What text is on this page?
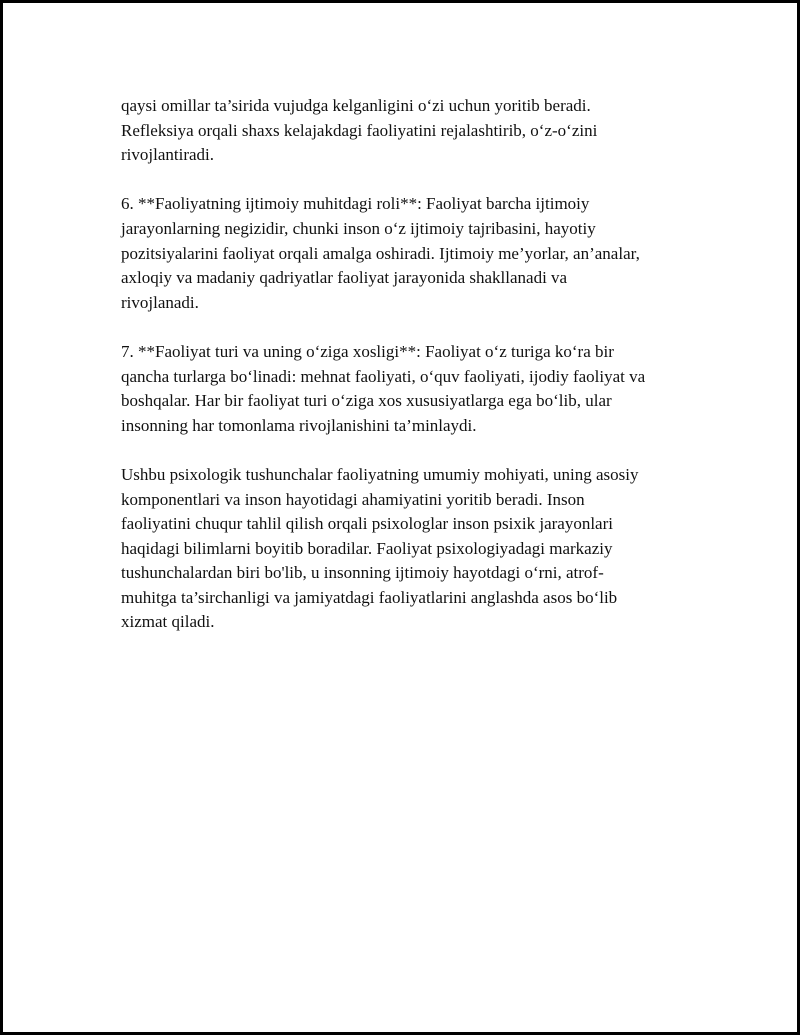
qaysi omillar ta’sirida vujudga kelganligini o‘zi uchun yoritib beradi.
Refleksiya orqali shaxs kelajakdagi faoliyatini rejalashtirib, o‘z-o‘zini
rivojlantiradi.

6. **Faoliyatning ijtimoiy muhitdagi roli**: Faoliyat barcha ijtimoiy
jarayonlarning negizidir, chunki inson o‘z ijtimoiy tajribasini, hayotiy
pozitsiyalarini faoliyat orqali amalga oshiradi. Ijtimoiy me’yorlar, an’analar,
axloqiy va madaniy qadriyatlar faoliyat jarayonida shakllanadi va
rivojlanadi.

7. **Faoliyat turi va uning o‘ziga xosligi**: Faoliyat o‘z turiga ko‘ra bir
qancha turlarga bo‘linadi: mehnat faoliyati, o‘quv faoliyati, ijodiy faoliyat va
boshqalar. Har bir faoliyat turi o‘ziga xos xususiyatlarga ega bo‘lib, ular
insonning har tomonlama rivojlanishini ta’minlaydi.

Ushbu psixologik tushunchalar faoliyatning umumiy mohiyati, uning asosiy
komponentlari va inson hayotidagi ahamiyatini yoritib beradi. Inson
faoliyatini chuqur tahlil qilish orqali psixologlar inson psixik jarayonlari
haqidagi bilimlarni boyitib boradilar. Faoliyat psixologiyadagi markaziy
tushunchalardan biri bo'lib, u insonning ijtimoiy hayotdagi o‘rni, atrof-
muhitga ta’sirchanligi va jamiyatdagi faoliyatlarini anglashda asos bo‘lib
xizmat qiladi.
